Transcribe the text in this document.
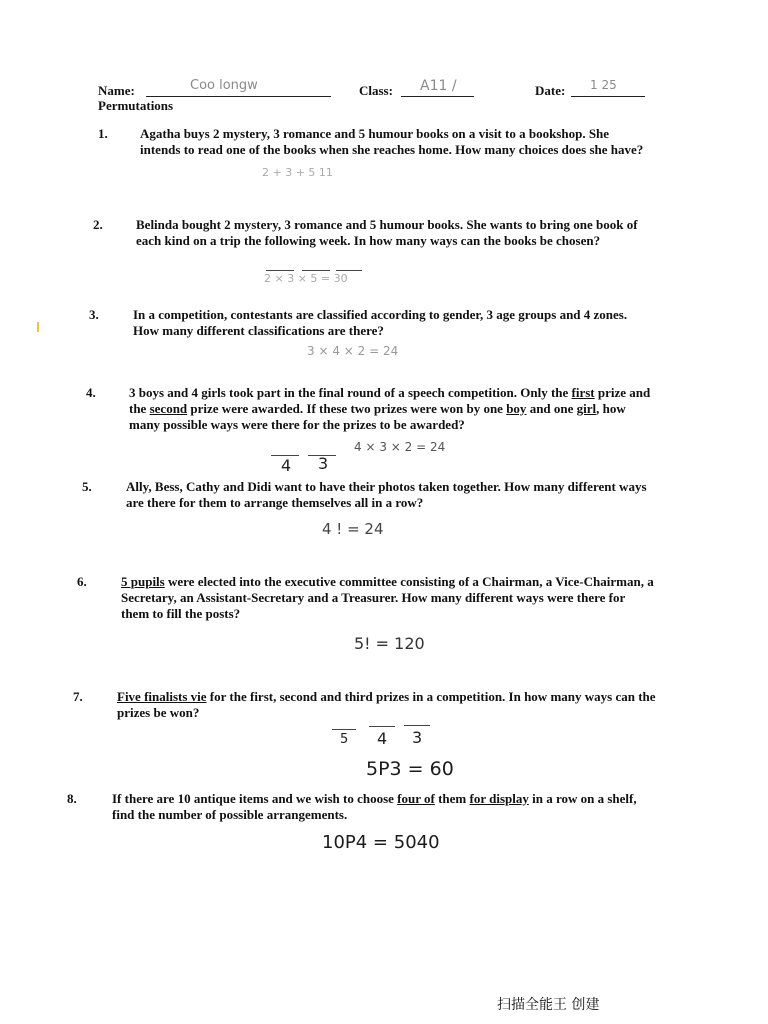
Name:	Coo longw	Class: A11 /	Date: 1 25
Permutations
1. Agatha buys 2 mystery, 3 romance and 5 humour books on a visit to a bookshop. She intends to read one of the books when she reaches home. How many choices does she have?
2 + 3 + 5 11
2.	Belinda bought 2 mystery, 3 romance and 5 humour books. She wants to bring one book of each kind on a trip the following week. In how many ways can the books be chosen?
2 × 3 × 5 = 30
3.	In a competition, contestants are classified according to gender, 3 age groups and 4 zones. How many different classifications are there?
3 × 4 × 2 = 24
4.	3 boys and 4 girls took part in the final round of a speech competition. Only the first prize and the second prize were awarded. If these two prizes were won by one boy and one girl, how many possible ways were there for the prizes to be awarded?
4 3
4 × 3 × 2 = 24
5.	Ally, Bess, Cathy and Didi want to have their photos taken together. How many different ways are there for them to arrange themselves all in a row?
4 ! = 24
6.	5 pupils were elected into the executive committee consisting of a Chairman, a Vice-Chairman, a Secretary, an Assistant-Secretary and a Treasurer. How many different ways were there for them to fill the posts?
5! = 120
7.	Five finalists vie for the first, second and third prizes in a competition. In how many ways can the prizes be won?
5 4 3
5P3 = 60
8.	If there are 10 antique items and we wish to choose four of them for display in a row on a shelf, find the number of possible arrangements.
10P4 = 5040
扫描全能王 创建
